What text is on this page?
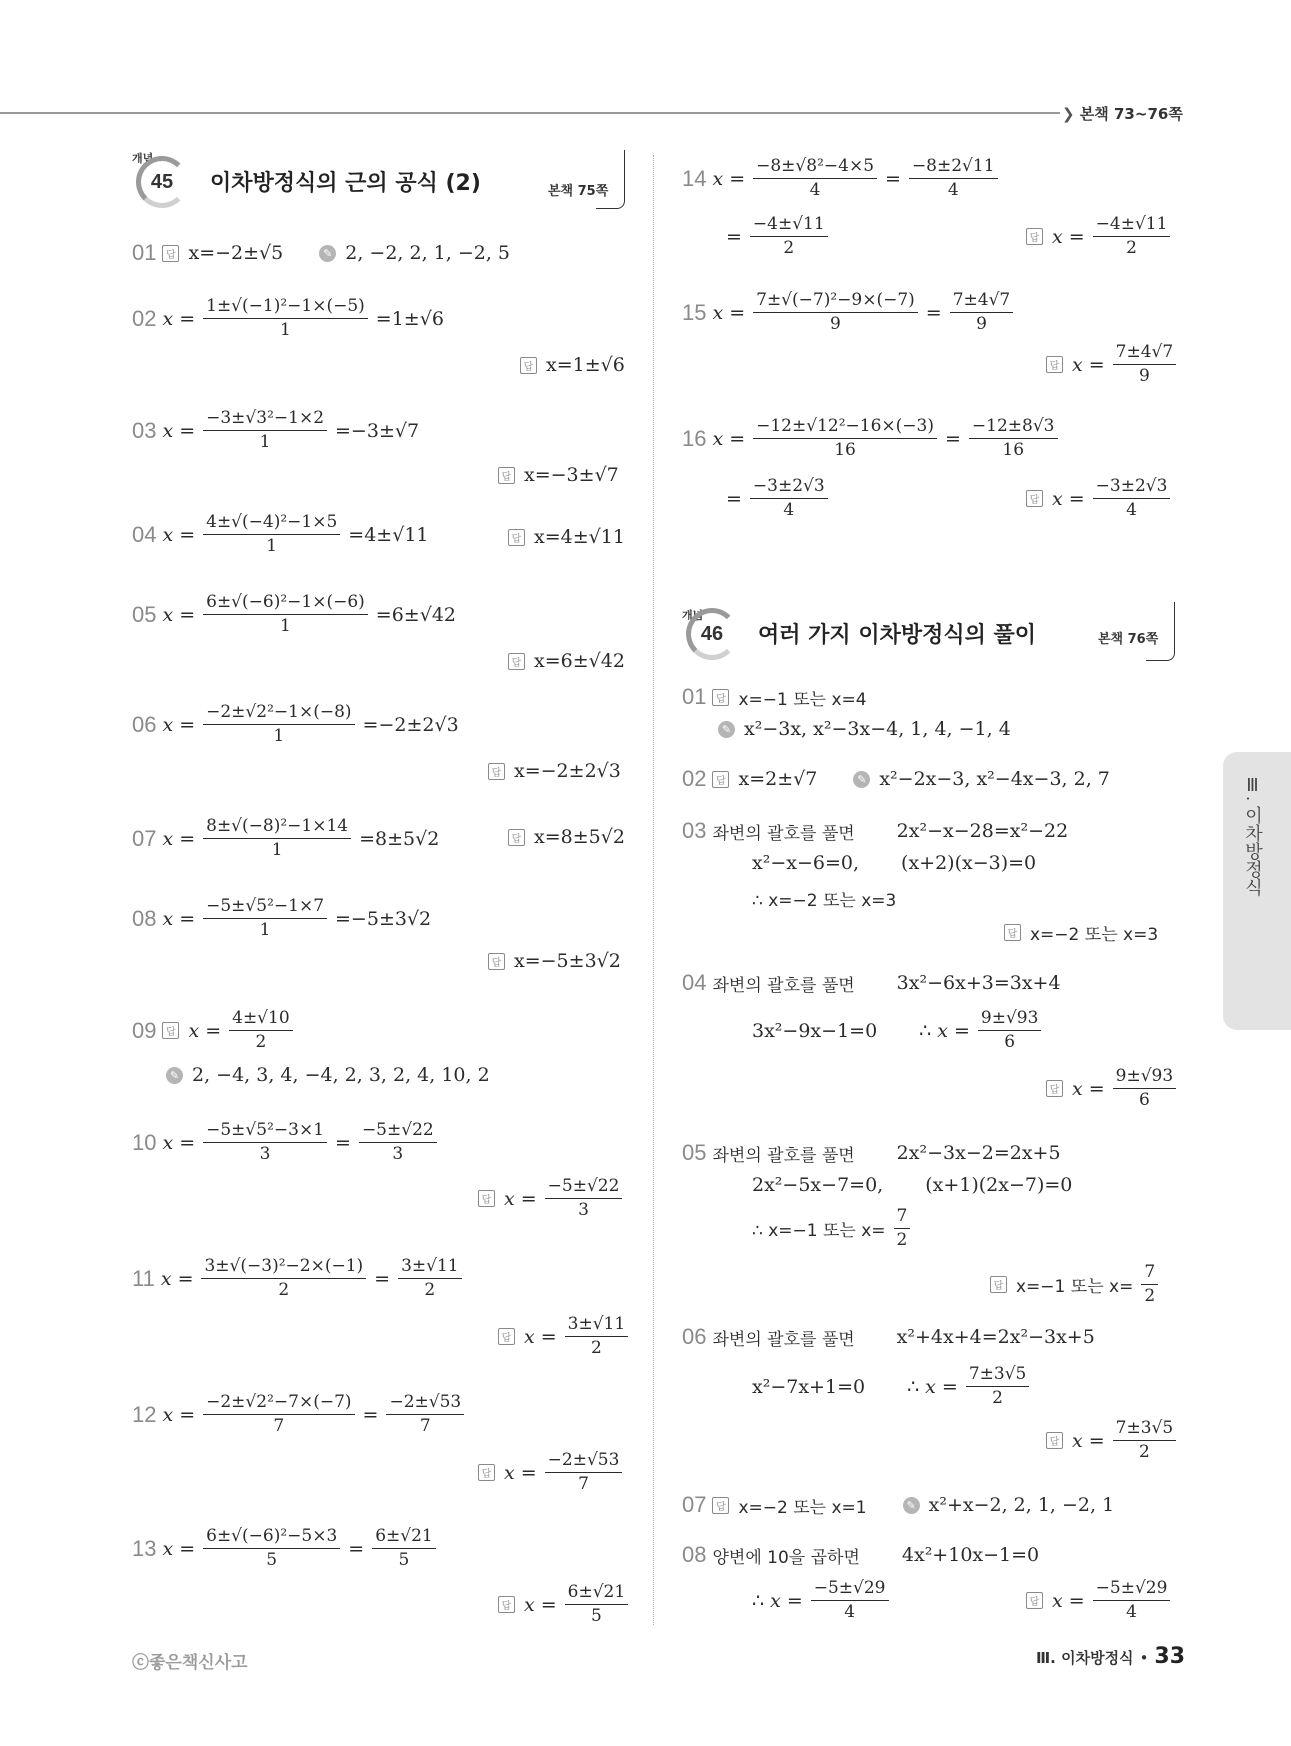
❯ 본책 73~76쪽
Ⅲ. 이차방정식
개념
45 이차방정식의 근의 공식 (2)	본책 75쪽
개념
46 여러 가지 이차방정식의 풀이	본책 76쪽
01 답 x=−2±√5	✎ 2, −2, 2, 1, −2, 5
02 $x = \frac{\text{1±√(−1)²−1×(−5)}}{1} =1\pm√6$
답 x=1±√6
03 $x = \frac{\text{−3±√3²−1×2}}{1} =-3\pm√7$
답 x=−3±√7
04 $x = \frac{\text{4±√(−4)²−1×5}}{1} =4\pm√11$	답 x=4±√11
05 $x = \frac{\text{6±√(−6)²−1×(−6)}}{1} =6\pm√42$
답 x=6±√42
06 $x = \frac{\text{−2±√2²−1×(−8)}}{1} =-2\pm 2√3$
답 x=−2±2√3
07 $x = \frac{\text{8±√(−8)²−1×14}}{1} =8\pm 5√2$	답 x=8±5√2
08 $x = \frac{\text{−5±√5²−1×7}}{1} =-5\pm 3√2$
답 x=−5±3√2
09 답 $x = \frac{4\pm√10}{2}$
✎ 2, −4, 3, 4, −4, 2, 3, 2, 4, 10, 2
10 $x = \frac{\text{−5±√5²−3×1}}{3} = \frac{-5\pm√22}{3}$
답 $x = \frac{-5\pm√22}{3}$
11 $x = \frac{\text{3±√(−3)²−2×(−1)}}{2} = \frac{3\pm√11}{2}$
답 $x = \frac{3\pm√11}{2}$
12 $x = \frac{\text{−2±√2²−7×(−7)}}{7} = \frac{-2\pm√53}{7}$
답 $x = \frac{-2\pm√53}{7}$
13 $x = \frac{\text{6±√(−6)²−5×3}}{5} = \frac{6\pm√21}{5}$
답 $x = \frac{6\pm√21}{5}$
14 $x = \frac{\text{−8±√8²−4×5}}{4} = \frac{-8\pm 2√11}{4}$
= $\frac{-4\pm√11}{2}$	답 $x = \frac{-4\pm√11}{2}$
15 $x = \frac{\text{7±√(−7)²−9×(−7)}}{9} = \frac{7\pm 4√7}{9}$
답 $x = \frac{7\pm 4√7}{9}$
16 $x = \frac{\text{−12±√12²−16×(−3)}}{16} = \frac{-12\pm 8√3}{16}$
= $\frac{-3\pm 2√3}{4}$	답 $x = \frac{-3\pm 2√3}{4}$
01 답 x=−1 또는 x=4
✎ x²−3x, x²−3x−4, 1, 4, −1, 4
02 답 x=2±√7	✎ x²−2x−3, x²−4x−3, 2, 7
03 좌변의 괄호를 풀면 2x²−x−28=x²−22
x²−x−6=0, (x+2)(x−3)=0
∴ x=−2 또는 x=3
답 x=−2 또는 x=3
04 좌변의 괄호를 풀면 3x²−6x+3=3x+4
3x²−9x−1=0 ∴ $x = \frac{9\pm√93}{6}$
답 $x = \frac{9\pm√93}{6}$
05 좌변의 괄호를 풀면 2x²−3x−2=2x+5
2x²−5x−7=0, (x+1)(2x−7)=0
∴ x=−1 또는 $x= \frac{7}{2}$
답 x=−1 또는 $x= \frac{7}{2}$
06 좌변의 괄호를 풀면 x²+4x+4=2x²−3x+5
x²−7x+1=0 ∴ $x = \frac{7\pm 3√5}{2}$
답 $x = \frac{7\pm 3√5}{2}$
07 답 x=−2 또는 x=1	✎ x²+x−2, 2, 1, −2, 1
08 양변에 10을 곱하면 4x²+10x−1=0
∴ $x = \frac{-5\pm√29}{4}$	답 $x = \frac{-5\pm√29}{4}$
ⓒ좋은책신사고	Ⅲ. 이차방정식 • 33
